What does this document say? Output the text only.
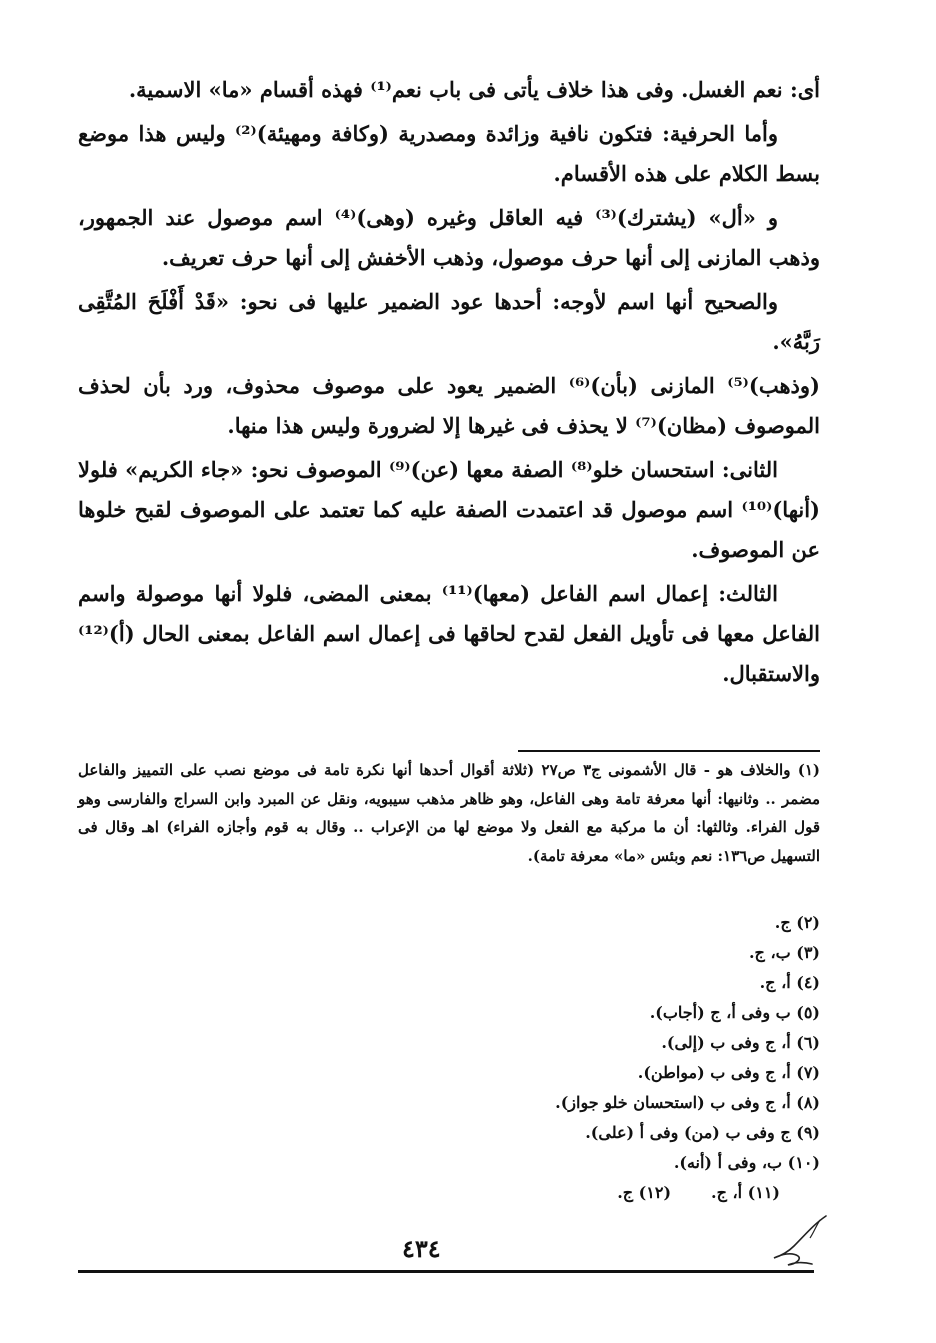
أى: نعم الغسل. وفى هذا خلاف يأتى فى باب نعم⁽¹⁾ فهذه أقسام «ما» الاسمية.

وأما الحرفية: فتكون نافية وزائدة ومصدرية (وكافة ومهيئة)⁽²⁾ وليس هذا موضع بسط الكلام على هذه الأقسام.

و «أل» (يشترك)⁽³⁾ فيه العاقل وغيره (وهى)⁽⁴⁾ اسم موصول عند الجمهور، وذهب المازنى إلى أنها حرف موصول، وذهب الأخفش إلى أنها حرف تعريف.

والصحيح أنها اسم لأوجه: أحدها عود الضمير عليها فى نحو: «قَدْ أَفْلَحَ المُتَّقِى رَبَّهُ».

(وذهب)⁽⁵⁾ المازنى (بأن)⁽⁶⁾ الضمير يعود على موصوف محذوف، ورد بأن لحذف الموصوف (مظان)⁽⁷⁾ لا يحذف فى غيرها إلا لضرورة وليس هذا منها.

الثانى: استحسان خلو⁽⁸⁾ الصفة معها (عن)⁽⁹⁾ الموصوف نحو: «جاء الكريم» فلولا (أنها)⁽¹⁰⁾ اسم موصول قد اعتمدت الصفة عليه كما تعتمد على الموصوف لقبح خلوها عن الموصوف.

الثالث: إعمال اسم الفاعل (معها)⁽¹¹⁾ بمعنى المضى، فلولا أنها موصولة واسم الفاعل معها فى تأويل الفعل لقدح لحاقها فى إعمال اسم الفاعل بمعنى الحال (أ)⁽¹²⁾ والاستقبال.

(١) والخلاف هو - قال الأشمونى ج٣ ص٢٧ (ثلاثة أقوال أحدها أنها نكرة تامة فى موضع نصب على التمييز والفاعل مضمر .. وثانيها: أنها معرفة تامة وهى الفاعل، وهو ظاهر مذهب سيبويه، ونقل عن المبرد وابن السراج والفارسى وهو قول الفراء. وثالثها: أن ما مركبة مع الفعل ولا موضع لها من الإعراب .. وقال به قوم وأجازه الفراء) اهـ وقال فى التسهيل ص١٣٦: نعم وبئس «ما» معرفة تامة).

(٢) ج.
(٣) ب، ج.
(٤) أ، ج.
(٥) ب وفى أ، ج (أجاب).
(٦) أ، ج وفى ب (إلى).
(٧) أ، ج وفى ب (مواطن).
(٨) أ، ج وفى ب (استحسان خلو جواز).
(٩) ج وفى ب (من) وفى أ (على).
(١٠) ب، وفى أ (أنه).
(١١) أ، ج.(١٢) ج.
٤٣٤
